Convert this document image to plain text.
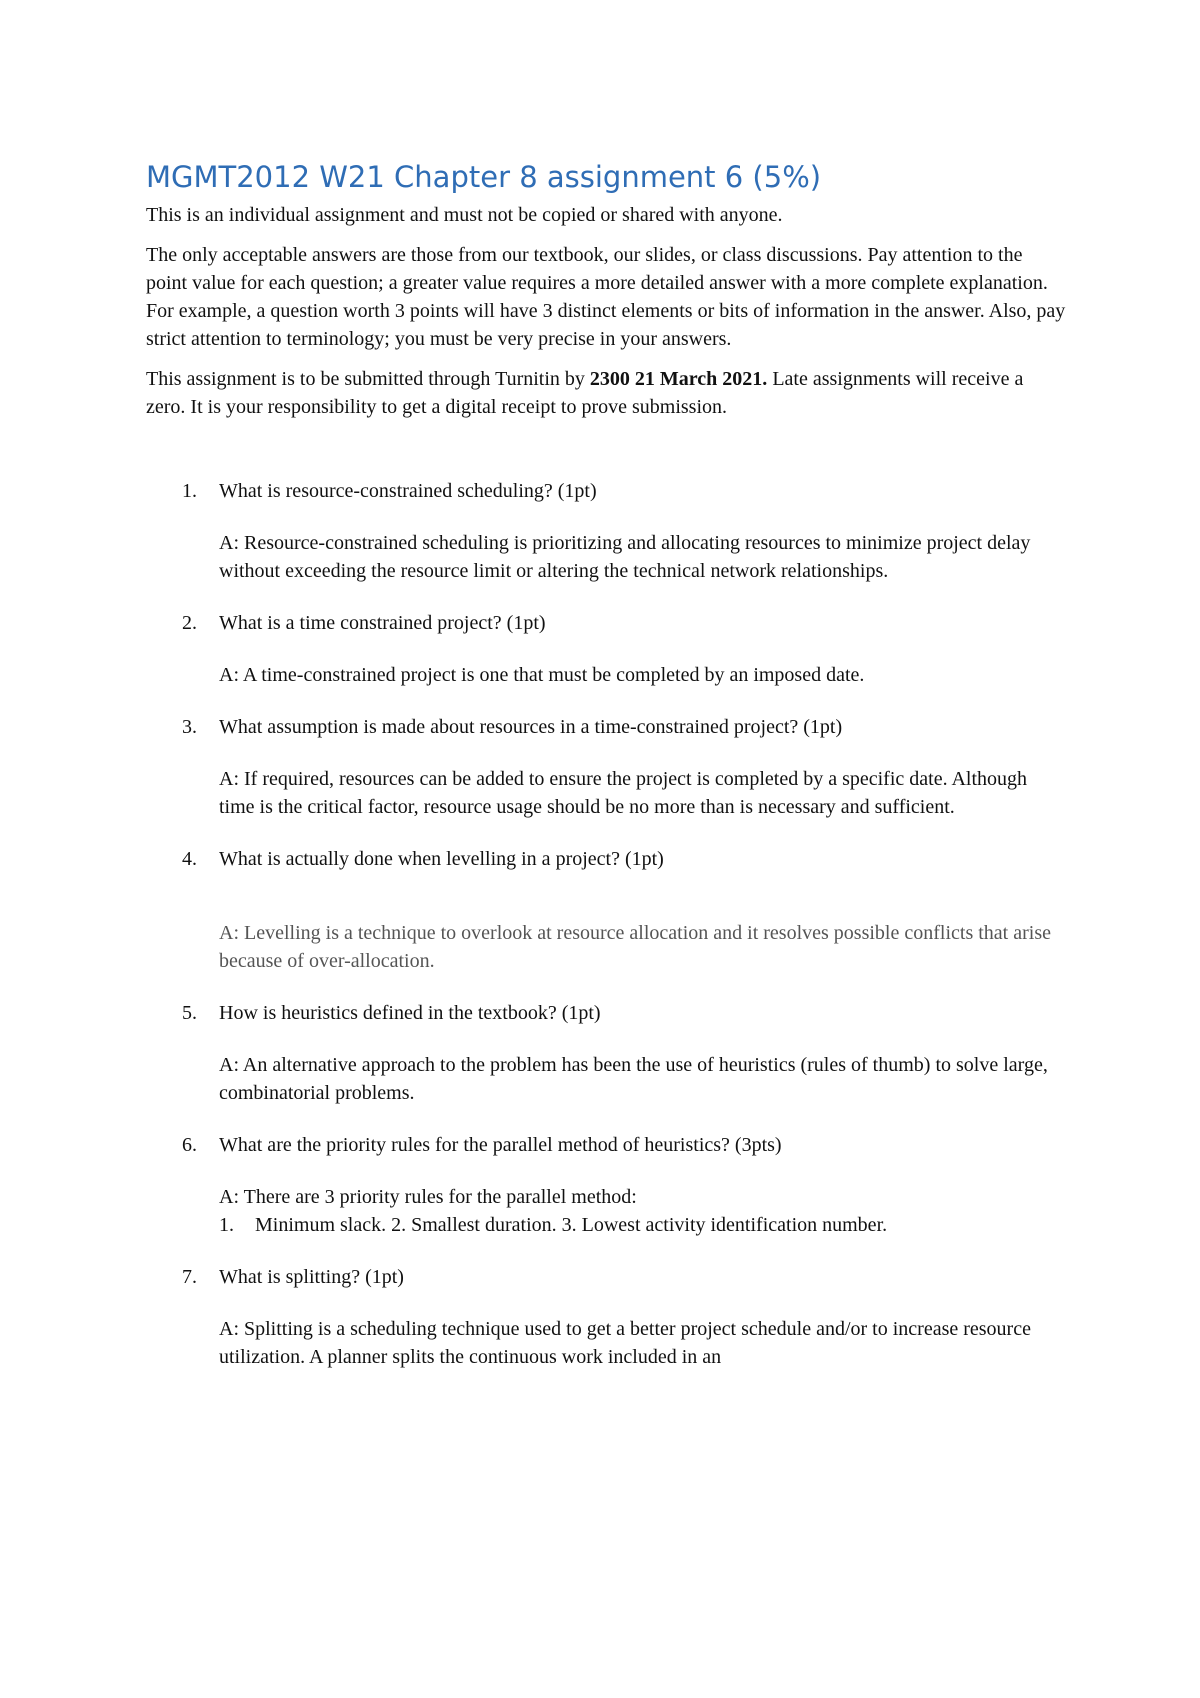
MGMT2012 W21 Chapter 8 assignment 6 (5%)

This is an individual assignment and must not be copied or shared with anyone.

The only acceptable answers are those from our textbook, our slides, or class discussions. Pay attention to the point value for each question; a greater value requires a more detailed answer with a more complete explanation. For example, a question worth 3 points will have 3 distinct elements or bits of information in the answer. Also, pay strict attention to terminology; you must be very precise in your answers.

This assignment is to be submitted through Turnitin by 2300 21 March 2021. Late assignments will receive a zero. It is your responsibility to get a digital receipt to prove submission.

1. What is resource-constrained scheduling? (1pt)
A: Resource-constrained scheduling is prioritizing and allocating resources to minimize project delay without exceeding the resource limit or altering the technical network relationships.
2. What is a time constrained project? (1pt)
A: A time-constrained project is one that must be completed by an imposed date.
3. What assumption is made about resources in a time-constrained project? (1pt)
A: If required, resources can be added to ensure the project is completed by a specific date. Although time is the critical factor, resource usage should be no more than is necessary and sufficient.
4. What is actually done when levelling in a project? (1pt)
A: Levelling is a technique to overlook at resource allocation and it resolves possible conflicts that arise because of over-allocation.
5. How is heuristics defined in the textbook? (1pt)
A: An alternative approach to the problem has been the use of heuristics (rules of thumb) to solve large, combinatorial problems.
6. What are the priority rules for the parallel method of heuristics? (3pts)
A: There are 3 priority rules for the parallel method:
1. Minimum slack. 2. Smallest duration. 3. Lowest activity identification number.
7. What is splitting? (1pt)
A: Splitting is a scheduling technique used to get a better project schedule and/or to increase resource utilization. A planner splits the continuous work included in an
